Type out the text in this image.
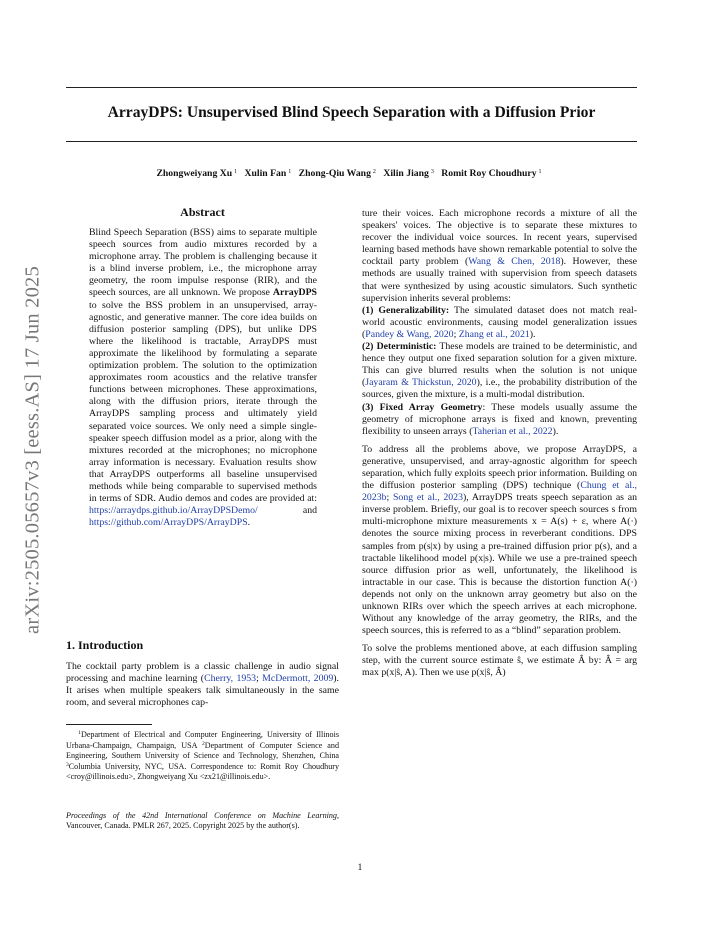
ArrayDPS: Unsupervised Blind Speech Separation with a Diffusion Prior
Zhongweiyang Xu $^1$ Xulin Fan $^1$ Zhong-Qiu Wang $^2$ Xilin Jiang $^3$ Romit Roy Choudhury $^1$
arXiv:2505.05657v3 [eess.AS] 17 Jun 2025
Abstract

Blind Speech Separation (BSS) aims to separate multiple speech sources from audio mixtures recorded by a microphone array. The problem is challenging because it is a blind inverse problem, i.e., the microphone array geometry, the room impulse response (RIR), and the speech sources, are all unknown. We propose ArrayDPS to solve the BSS problem in an unsupervised, array-agnostic, and generative manner. The core idea builds on diffusion posterior sampling (DPS), but unlike DPS where the likelihood is tractable, ArrayDPS must approximate the likelihood by formulating a separate optimization problem. The solution to the optimization approximates room acoustics and the relative transfer functions between microphones. These approximations, along with the diffusion priors, iterate through the ArrayDPS sampling process and ultimately yield separated voice sources. We only need a simple single-speaker speech diffusion model as a prior, along with the mixtures recorded at the microphones; no microphone array information is necessary. Evaluation results show that ArrayDPS outperforms all baseline unsupervised methods while being comparable to supervised methods in terms of SDR. Audio demos and codes are provided at: https://arraydps.github.io/ArrayDPSDemo/ and https://github.com/ArrayDPS/ArrayDPS.

1. Introduction

The cocktail party problem is a classic challenge in audio signal processing and machine learning (Cherry, 1953; McDermott, 2009). It arises when multiple speakers talk simultaneously in the same room, and several microphones cap-

$^1$Department of Electrical and Computer Engineering, University of Illinois Urbana-Champaign, Champaign, USA $^2$Department of Computer Science and Engineering, Southern University of Science and Technology, Shenzhen, China $^3$Columbia University, NYC, USA. Correspondence to: Romit Roy Choudhury <croy@illinois.edu>, Zhongweiyang Xu <zx21@illinois.edu>.
Proceedings of the 42nd International Conference on Machine Learning, Vancouver, Canada. PMLR 267, 2025. Copyright 2025 by the author(s).

ture their voices. Each microphone records a mixture of all the speakers' voices. The objective is to separate these mixtures to recover the individual voice sources. In recent years, supervised learning based methods have shown remarkable potential to solve the cocktail party problem (Wang & Chen, 2018). However, these methods are usually trained with supervision from speech datasets that were synthesized by using acoustic simulators. Such synthetic supervision inherits several problems:

(1) Generalizability: The simulated dataset does not match real-world acoustic environments, causing model generalization issues (Pandey & Wang, 2020; Zhang et al., 2021).

(2) Deterministic: These models are trained to be deterministic, and hence they output one fixed separation solution for a given mixture. This can give blurred results when the solution is not unique (Jayaram & Thickstun, 2020), i.e., the probability distribution of the sources, given the mixture, is a multi-modal distribution.

(3) Fixed Array Geometry: These models usually assume the geometry of microphone arrays is fixed and known, preventing flexibility to unseen arrays (Taherian et al., 2022).

To address all the problems above, we propose ArrayDPS, a generative, unsupervised, and array-agnostic algorithm for speech separation, which fully exploits speech prior information. Building on the diffusion posterior sampling (DPS) technique (Chung et al., 2023b; Song et al., 2023), ArrayDPS treats speech separation as an inverse problem. Briefly, our goal is to recover speech sources s from multi-microphone mixture measurements x = A(s) + ε, where A(·) denotes the source mixing process in reverberant conditions. DPS samples from p(s|x) by using a pre-trained diffusion prior p(s), and a tractable likelihood model p(x|s). While we use a pre-trained speech source diffusion prior as well, unfortunately, the likelihood is intractable in our case. This is because the distortion function A(·) depends not only on the unknown array geometry but also on the unknown RIRs over which the speech arrives at each microphone. Without any knowledge of the array geometry, the RIRs, and the speech sources, this is referred to as a “blind” separation problem.

To solve the problems mentioned above, at each diffusion sampling step, with the current source estimate ŝ, we estimate Â by: Â = arg max p(x|ŝ, A). Then we use p(x|ŝ, Â)

1
